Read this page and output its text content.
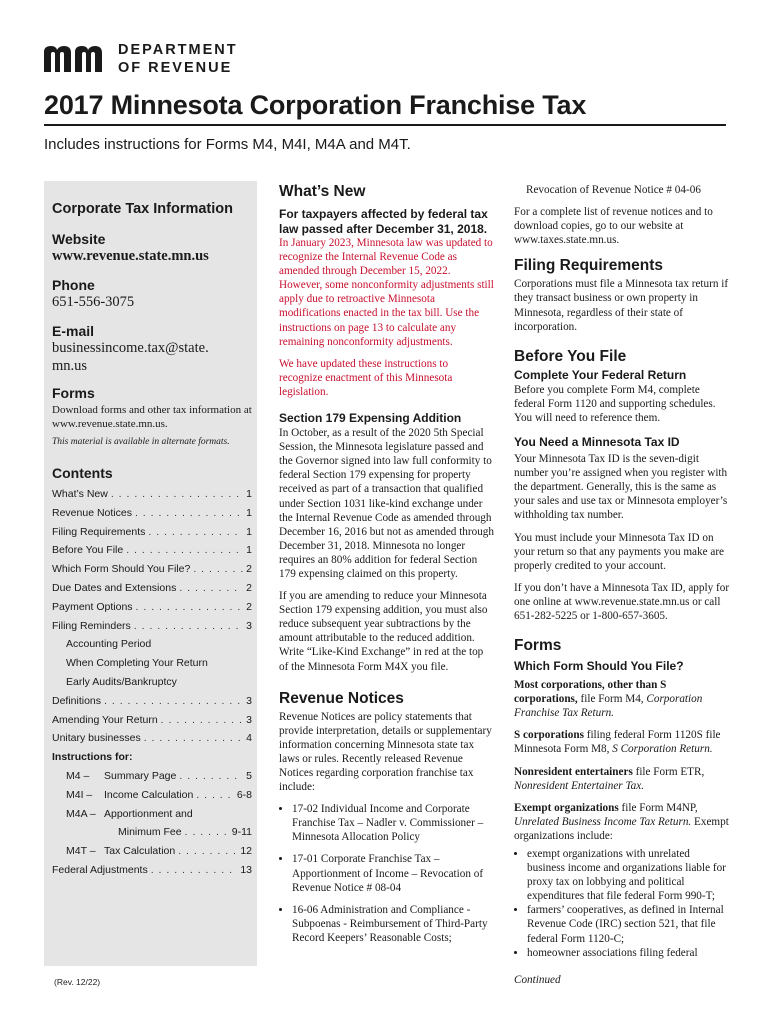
DEPARTMENT
OF REVENUE
2017 Minnesota Corporation Franchise Tax
Includes instructions for Forms M4, M4I, M4A and M4T.

Corporate Tax Information

Website

www.revenue.state.mn.us

Phone

651-556-3075

E-mail

businessincome.tax@state.

mn.us

Forms

Download forms and other tax information at www.revenue.state.mn.us.

This material is available in alternate formats.

Contents

What’s New . . .	1
Revenue Notices . . .	1
Filing Requirements . . .	1
Before You File . . .	1
Which Form Should You File? . . .	2
Due Dates and Extensions . . .	2
Payment Options . . .	2
Filing Reminders . . .	3
Accounting Period
When Completing Your Return
Early Audits/Bankruptcy
Definitions . . .	3
Amending Your Return . . .	3
Unitary businesses . . .	4
Instructions for:
M4 –	Summary Page . . .	5
M4I –	Income Calculation . . .	6-8
M4A – Apportionment and
Minimum Fee . . .	9-11
M4T – Tax Calculation . . .	12
Federal Adjustments . . .	13
(Rev. 12/22)

What’s New

For taxpayers affected by federal tax law passed after December 31, 2018.

In January 2023, Minnesota law was updated to recognize the Internal Revenue Code as amended through December 15, 2022. However, some nonconformity adjustments still apply due to retroactive Minnesota modifications enacted in the tax bill. Use the instructions on page 13 to calculate any remaining nonconformity adjustments.

We have updated these instructions to recognize enactment of this Minnesota legislation.

Section 179 Expensing Addition

In October, as a result of the 2020 5th Special Session, the Minnesota legislature passed and the Governor signed into law full conformity to federal Section 179 expensing for property received as part of a transaction that qualified under Section 1031 like-kind exchange under the Internal Revenue Code as amended through December 16, 2016 but not as amended through December 31, 2018. Minnesota no longer requires an 80% addition for federal Section 179 expensing claimed on this property.

If you are amending to reduce your Minnesota Section 179 expensing addition, you must also reduce subsequent year subtractions by the amount attributable to the reduced addition. Write “Like-Kind Exchange” in red at the top of the Minnesota Form M4X you file.

Revenue Notices

Revenue Notices are policy statements that provide interpretation, details or supplementary information concerning Minnesota state tax laws or rules. Recently released Revenue Notices regarding corporation franchise tax include:

• 17-02 Individual Income and Corporate Franchise Tax – Nadler v. Commissioner – Minnesota Allocation Policy
• 17-01 Corporate Franchise Tax – Apportionment of Income – Revocation of Revenue Notice # 08-04
• 16-06 Administration and Compliance - Subpoenas - Reimbursement of Third-Party Record Keepers’ Reasonable Costs;

Revocation of Revenue Notice # 04-06

For a complete list of revenue notices and to download copies, go to our website at www.taxes.state.mn.us.

Filing Requirements

Corporations must file a Minnesota tax return if they transact business or own property in Minnesota, regardless of their state of incorporation.

Before You File

Complete Your Federal Return

Before you complete Form M4, complete federal Form 1120 and supporting schedules. You will need to reference them.

You Need a Minnesota Tax ID

Your Minnesota Tax ID is the seven-digit number you’re assigned when you register with the department. Generally, this is the same as your sales and use tax or Minnesota employer’s withholding tax number.

You must include your Minnesota Tax ID on your return so that any payments you make are properly credited to your account.

If you don’t have a Minnesota Tax ID, apply for one online at www.revenue.state.mn.us or call 651-282-5225 or 1-800-657-3605.

Forms

Which Form Should You File?

Most corporations, other than S corporations, file Form M4, Corporation Franchise Tax Return.

S corporations filing federal Form 1120S file Minnesota Form M8, S Corporation Return.

Nonresident entertainers file Form ETR, Nonresident Entertainer Tax.

Exempt organizations file Form M4NP, Unrelated Business Income Tax Return. Exempt organizations include:

• exempt organizations with unrelated business income and organizations liable for proxy tax on lobbying and political expenditures that file federal Form 990-T;
• farmers’ cooperatives, as defined in Internal Revenue Code (IRC) section 521, that file federal Form 1120-C;
• homeowner associations filing federal

Continued
